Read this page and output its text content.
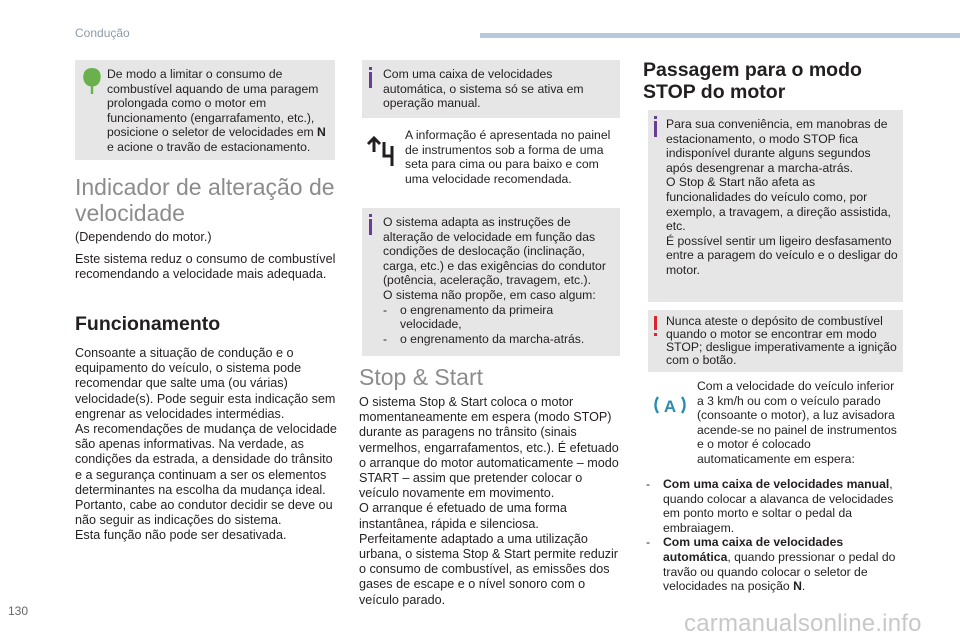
Condução
De modo a limitar o consumo de combustível aquando de uma paragem prolongada como o motor em funcionamento (engarrafamento, etc.), posicione o seletor de velocidades em N e acione o travão de estacionamento.
Indicador de alteração de velocidade
(Dependendo do motor.)
Este sistema reduz o consumo de combustível recomendando a velocidade mais adequada.
Funcionamento
Consoante a situação de condução e o equipamento do veículo, o sistema pode recomendar que salte uma (ou várias) velocidade(s). Pode seguir esta indicação sem engrenar as velocidades intermédias.
As recomendações de mudança de velocidade são apenas informativas. Na verdade, as condições da estrada, a densidade do trânsito e a segurança continuam a ser os elementos determinantes na escolha da mudança ideal. Portanto, cabe ao condutor decidir se deve ou não seguir as indicações do sistema.
Esta função não pode ser desativada.
Com uma caixa de velocidades automática, o sistema só se ativa em operação manual.
A informação é apresentada no painel de instrumentos sob a forma de uma seta para cima ou para baixo e com uma velocidade recomendada.

O sistema adapta as instruções de alteração de velocidade em função das condições de deslocação (inclinação, carga, etc.) e das exigências do condutor (potência, aceleração, travagem, etc.).
O sistema não propõe, em caso algum:

- o engrenamento da primeira velocidade,
- o engrenamento da marcha-atrás.
Stop & Start
O sistema Stop & Start coloca o motor momentaneamente em espera (modo STOP) durante as paragens no trânsito (sinais vermelhos, engarrafamentos, etc.). É efetuado o arranque do motor automaticamente – modo START – assim que pretender colocar o veículo novamente em movimento.
O arranque é efetuado de uma forma instantânea, rápida e silenciosa.
Perfeitamente adaptado a uma utilização urbana, o sistema Stop & Start permite reduzir o consumo de combustível, as emissões dos gases de escape e o nível sonoro com o veículo parado.
Passagem para o modo STOP do motor
Para sua conveniência, em manobras de estacionamento, o modo STOP fica indisponível durante alguns segundos após desengrenar a marcha-atrás.
O Stop & Start não afeta as funcionalidades do veículo como, por exemplo, a travagem, a direção assistida, etc.
É possível sentir um ligeiro desfasamento entre a paragem do veículo e o desligar do motor.
Nunca ateste o depósito de combustível quando o motor se encontrar em modo STOP; desligue imperativamente a ignição com o botão.
A
Com a velocidade do veículo inferior a 3 km/h ou com o veículo parado (consoante o motor), a luz avisadora acende-se no painel de instrumentos e o motor é colocado automaticamente em espera:
- Com uma caixa de velocidades manual, quando colocar a alavanca de velocidades em ponto morto e soltar o pedal da embraiagem.
- Com uma caixa de velocidades automática, quando pressionar o pedal do travão ou quando colocar o seletor de velocidades na posição N.
130	carmanualsonline.info
